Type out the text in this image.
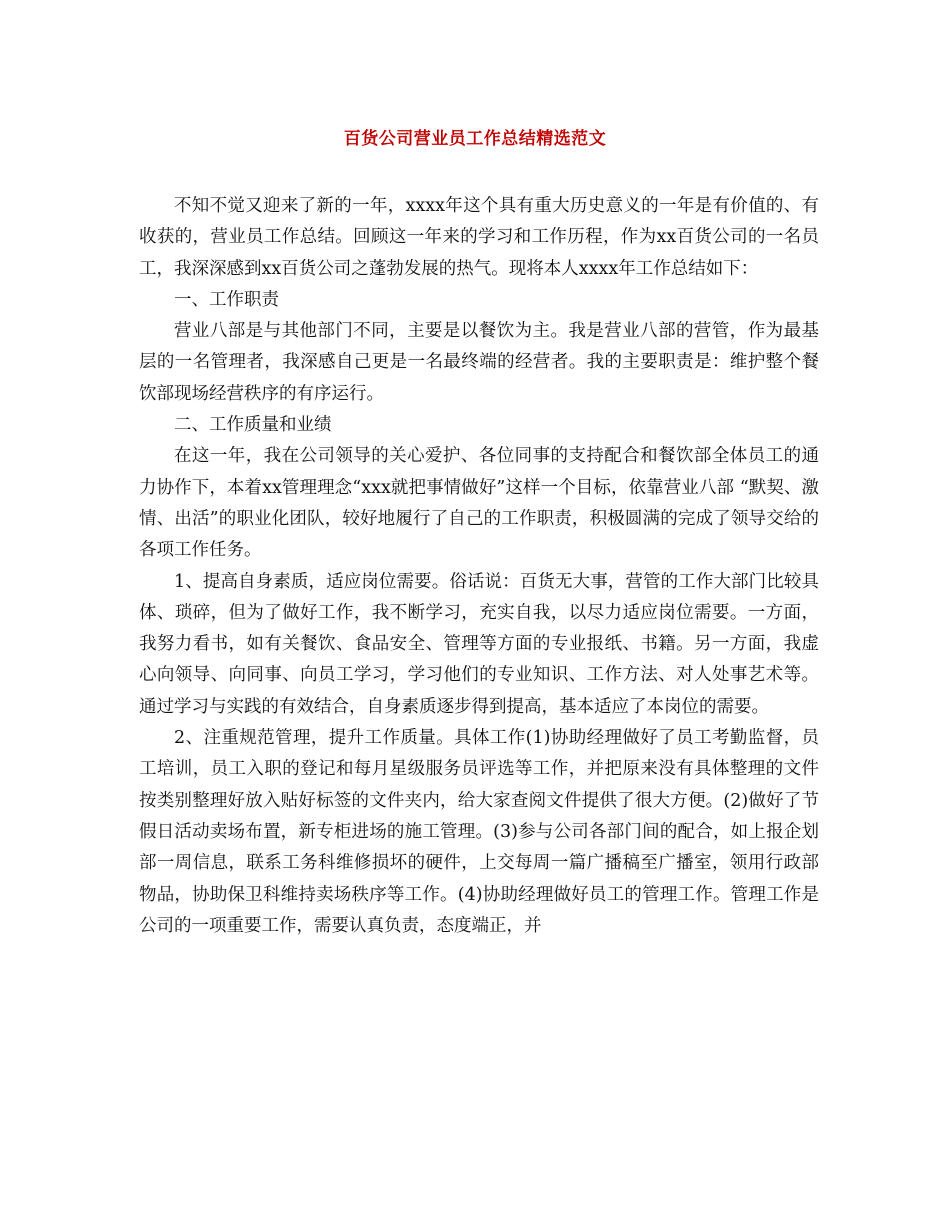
百货公司营业员工作总结精选范文

不知不觉又迎来了新的一年，xxxx年这个具有重大历史意义的一年是有价值的、有收获的，营业员工作总结。回顾这一年来的学习和工作历程，作为xx百货公司的一名员工，我深深感到xx百货公司之蓬勃发展的热气。现将本人xxxx年工作总结如下：

一、工作职责

营业八部是与其他部门不同，主要是以餐饮为主。我是营业八部的营管，作为最基层的一名管理者，我深感自己更是一名最终端的经营者。我的主要职责是：维护整个餐饮部现场经营秩序的有序运行。

二、工作质量和业绩

在这一年，我在公司领导的关心爱护、各位同事的支持配合和餐饮部全体员工的通力协作下，本着xx管理理念“xxx就把事情做好”这样一个目标，依靠营业八部 “默契、激情、出活”的职业化团队，较好地履行了自己的工作职责，积极圆满的完成了领导交给的各项工作任务。

1、提高自身素质，适应岗位需要。俗话说：百货无大事，营管的工作大部门比较具体、琐碎，但为了做好工作，我不断学习，充实自我，以尽力适应岗位需要。一方面，我努力看书，如有关餐饮、食品安全、管理等方面的专业报纸、书籍。另一方面，我虚心向领导、向同事、向员工学习，学习他们的专业知识、工作方法、对人处事艺术等。通过学习与实践的有效结合，自身素质逐步得到提高，基本适应了本岗位的需要。

2、注重规范管理，提升工作质量。具体工作(1)协助经理做好了员工考勤监督，员工培训，员工入职的登记和每月星级服务员评选等工作，并把原来没有具体整理的文件按类别整理好放入贴好标签的文件夹内，给大家查阅文件提供了很大方便。(2)做好了节假日活动卖场布置，新专柜进场的施工管理。(3)参与公司各部门间的配合，如上报企划部一周信息，联系工务科维修损坏的硬件，上交每周一篇广播稿至广播室，领用行政部物品，协助保卫科维持卖场秩序等工作。(4)协助经理做好员工的管理工作。管理工作是公司的一项重要工作，需要认真负责，态度端正，并
